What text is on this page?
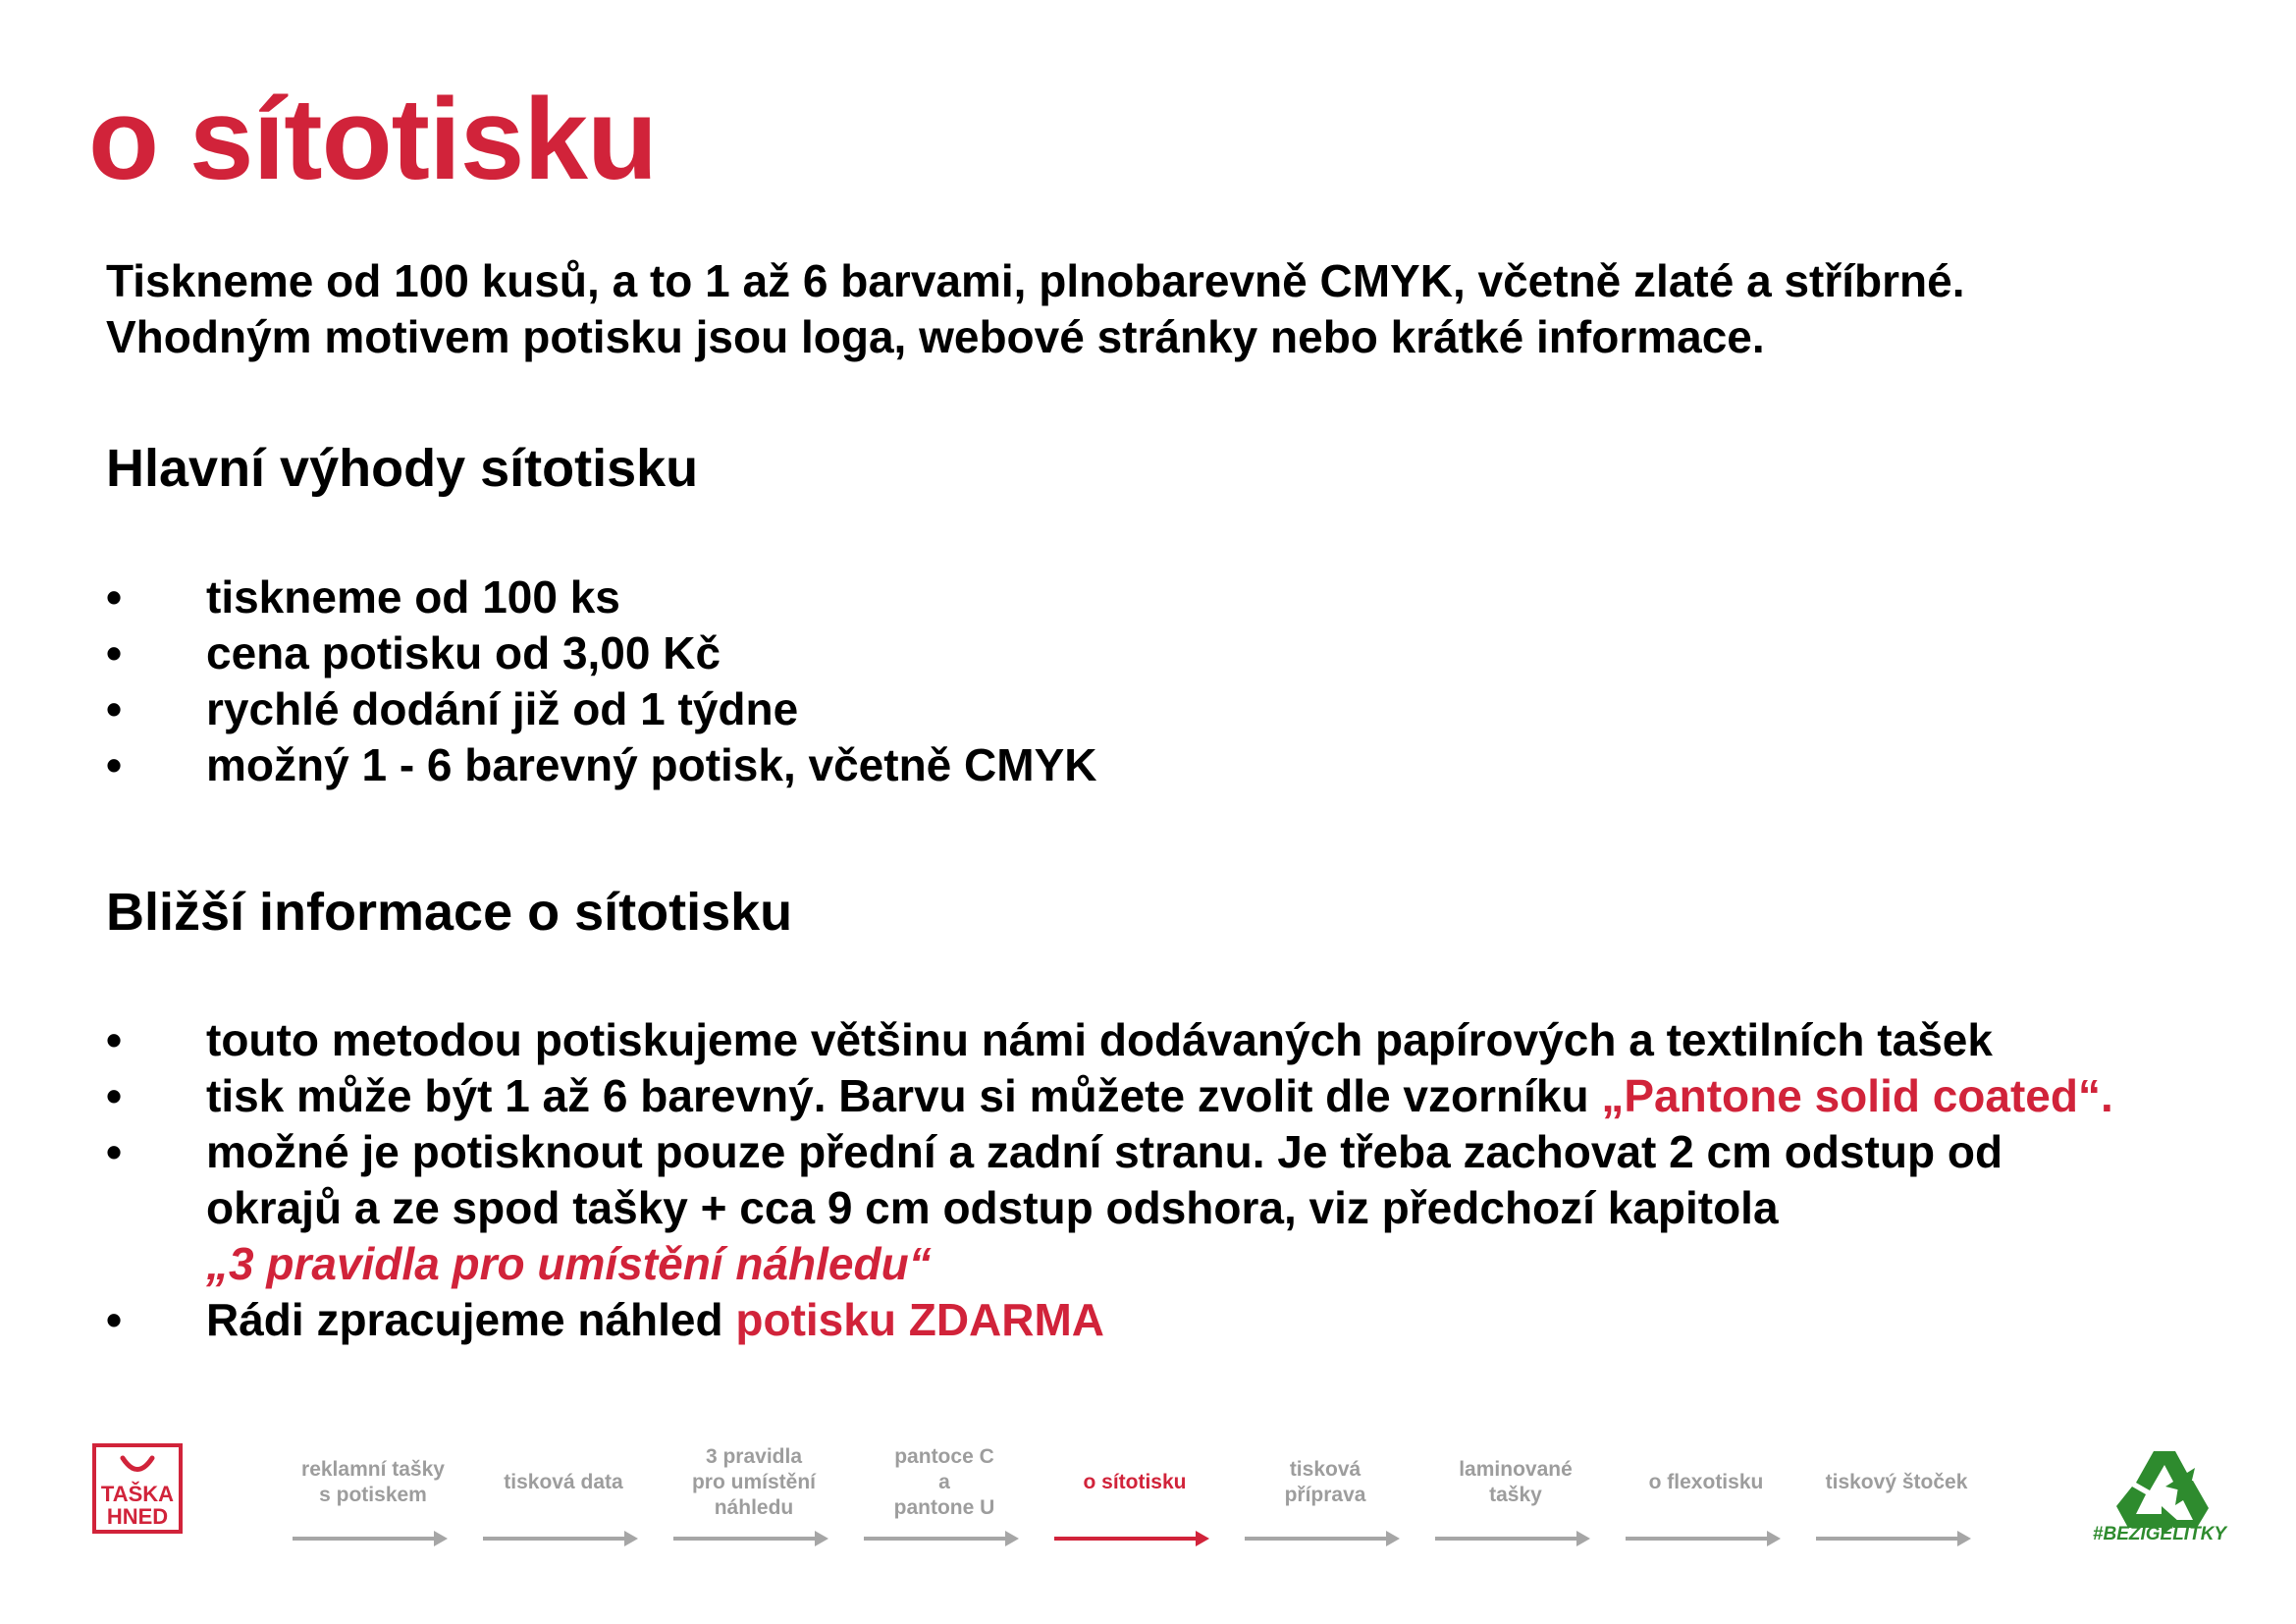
o sítotisku
Tiskneme od 100 kusů, a to 1 až 6 barvami, plnobarevně CMYK, včetně zlaté a stříbrné.
Vhodným motivem potisku jsou loga, webové stránky nebo krátké informace.
Hlavní výhody sítotisku
•	tiskneme od 100 ks
•	cena potisku od 3,00 Kč
•	rychlé dodání již od 1 týdne
•	možný 1 - 6 barevný potisk, včetně CMYK
Bližší informace o sítotisku
•	touto metodou potiskujeme většinu námi dodávaných papírových a textilních tašek
•	tisk může být 1 až 6 barevný. Barvu si můžete zvolit dle vzorníku „Pantone solid coated“.
•	možné je potisknout pouze přední a zadní stranu. Je třeba zachovat 2 cm odstup od
okrajů a ze spod tašky + cca 9 cm odstup odshora, viz předchozí kapitola
„3 pravidla pro umístění náhledu“
•	Rádi zpracujeme náhled potisku ZDARMA
TAŠKA
HNED
reklamní tašky
s potiskem
tisková data
3 pravidla
pro umístění
náhledu
pantoce C
a
pantone U
o sítotisku
tisková
příprava
laminované
tašky
o flexotisku	tiskový štoček
#BEZIGELITKY
